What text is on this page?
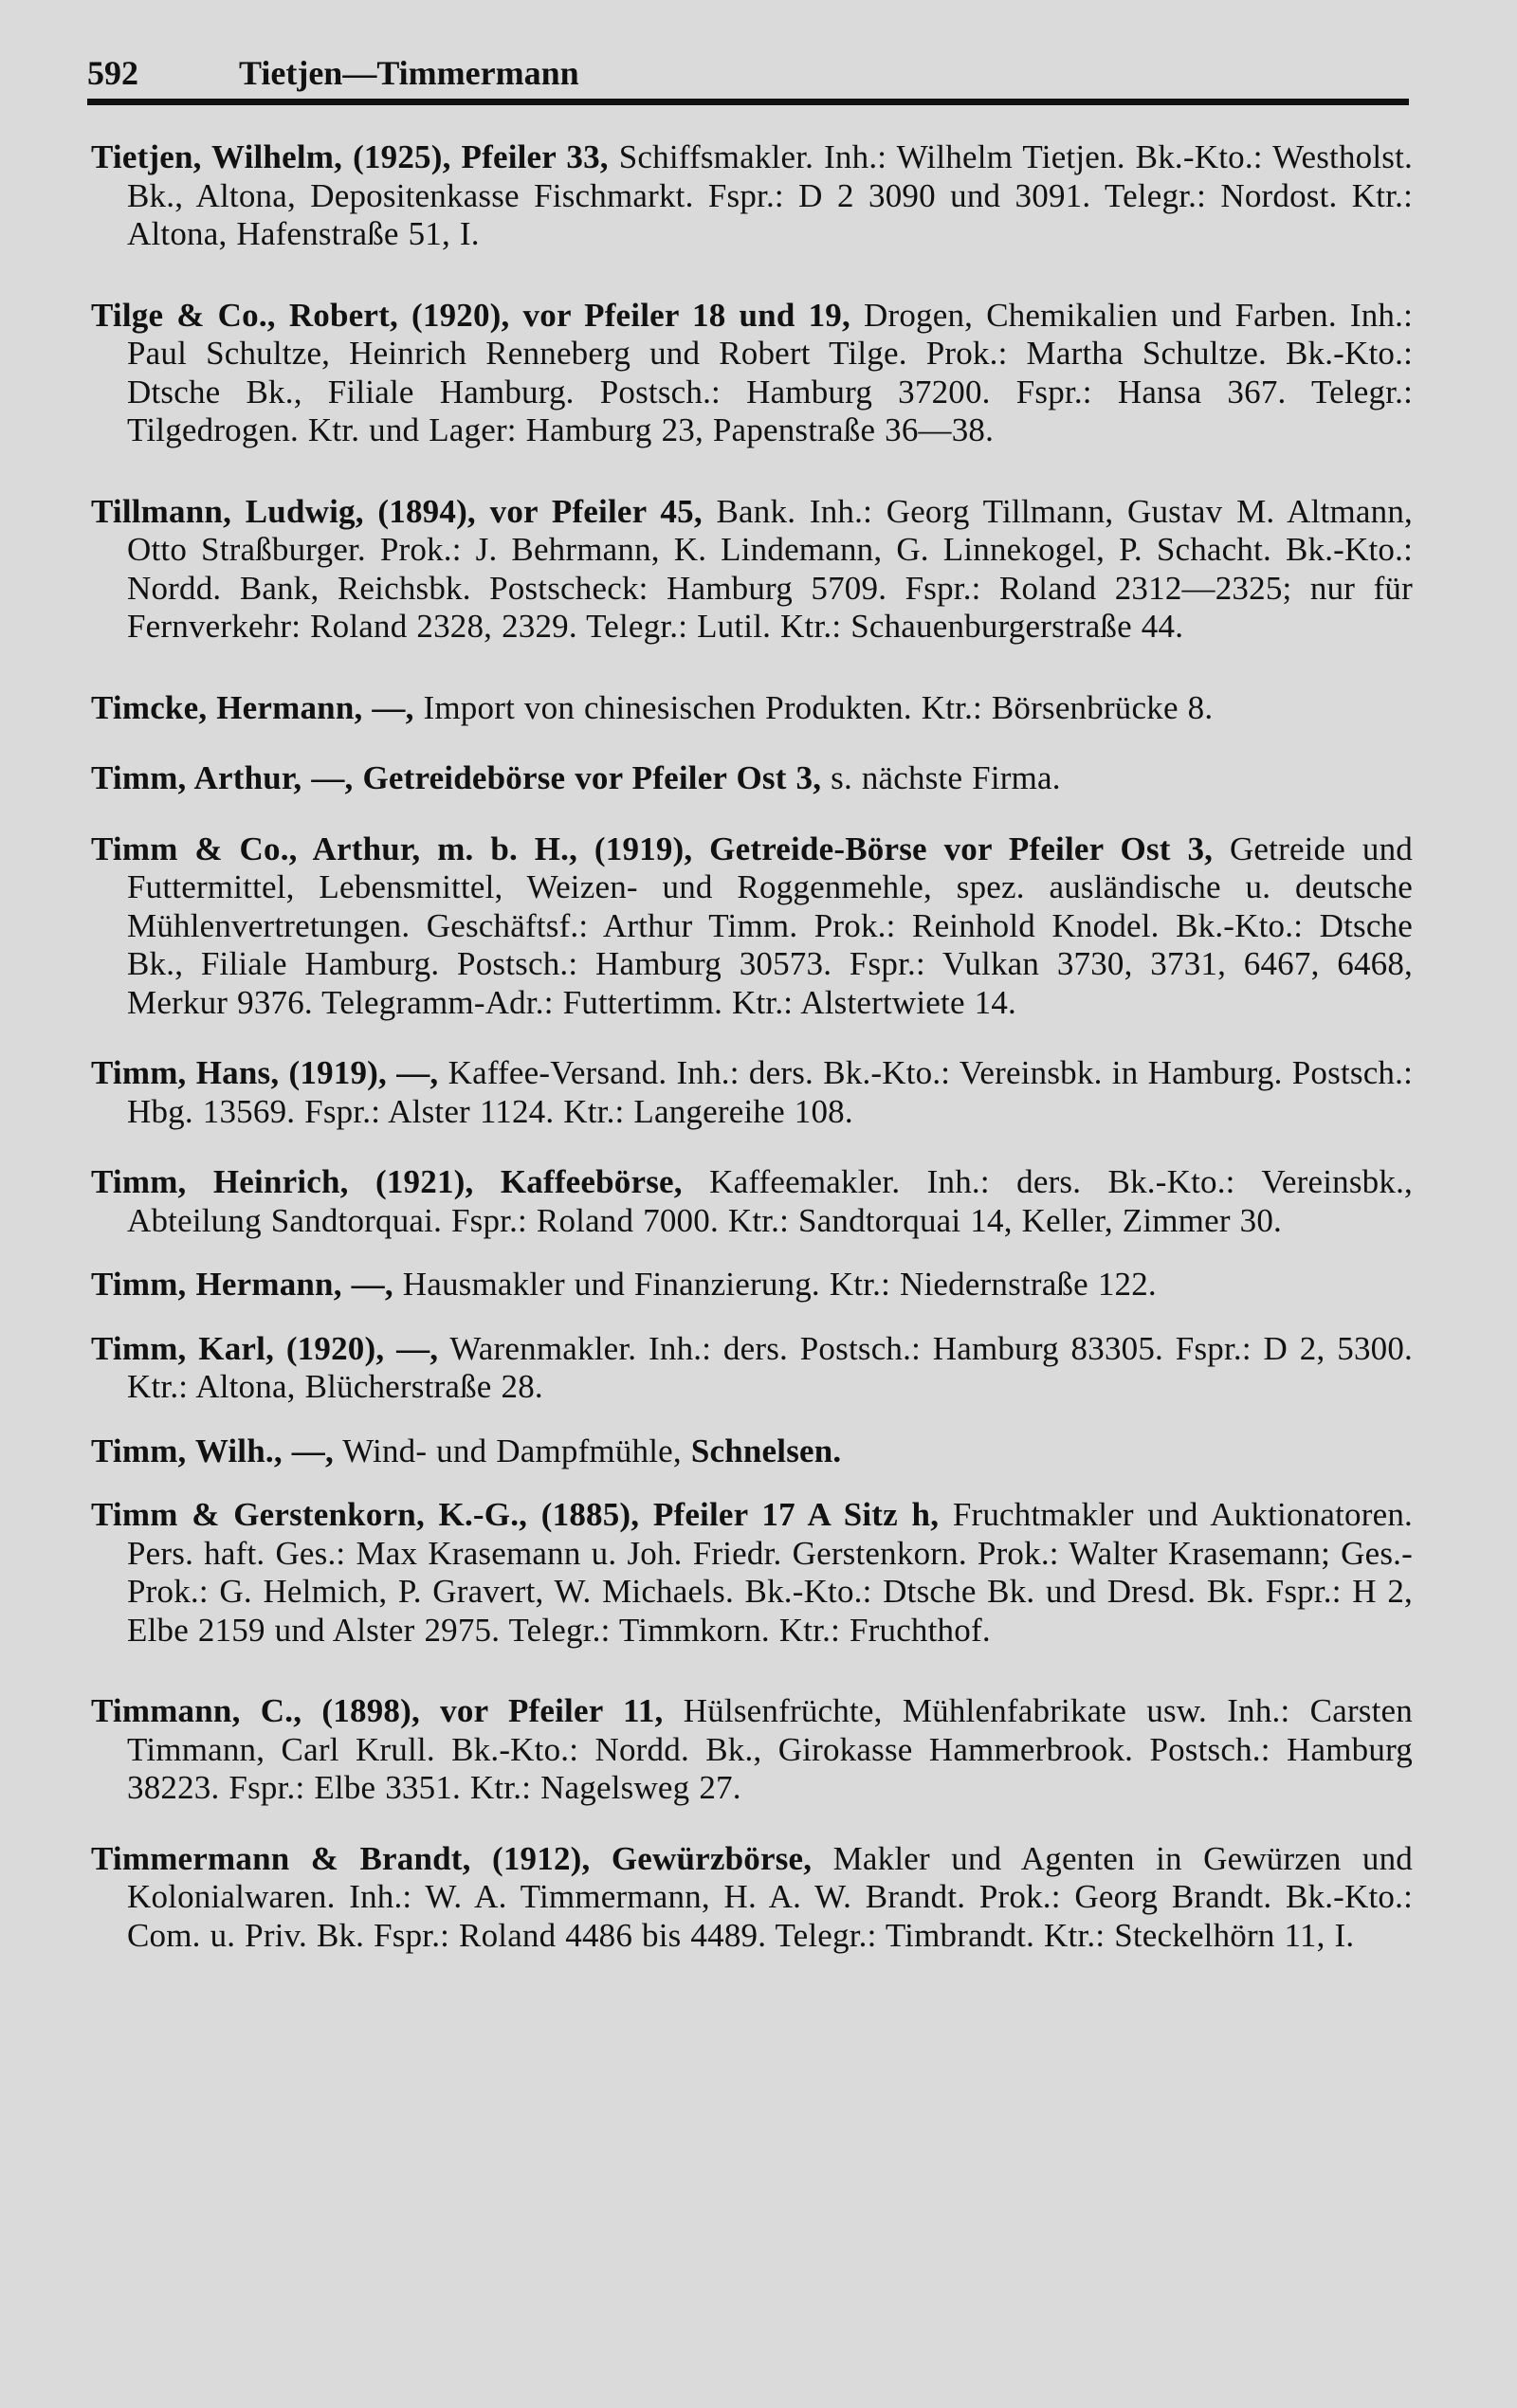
592	Tietjen—Timmermann

Tietjen, Wilhelm, (1925), Pfeiler 33, Schiffsmakler. Inh.: Wilhelm Tietjen. Bk.-Kto.: Westholst. Bk., Altona, Depositenkasse Fischmarkt. Fspr.: D 2 3090 und 3091. Telegr.: Nordost. Ktr.: Altona, Hafenstraße 51, I.

Tilge & Co., Robert, (1920), vor Pfeiler 18 und 19, Drogen, Chemikalien und Farben. Inh.: Paul Schultze, Heinrich Renneberg und Robert Tilge. Prok.: Martha Schultze. Bk.-Kto.: Dtsche Bk., Filiale Hamburg. Postsch.: Hamburg 37200. Fspr.: Hansa 367. Telegr.: Tilgedrogen. Ktr. und Lager: Hamburg 23, Papenstraße 36—38.

Tillmann, Ludwig, (1894), vor Pfeiler 45, Bank. Inh.: Georg Tillmann, Gustav M. Altmann, Otto Straßburger. Prok.: J. Behrmann, K. Lindemann, G. Linnekogel, P. Schacht. Bk.-Kto.: Nordd. Bank, Reichsbk. Postscheck: Hamburg 5709. Fspr.: Roland 2312—2325; nur für Fernverkehr: Roland 2328, 2329. Telegr.: Lutil. Ktr.: Schauenburgerstraße 44.

Timcke, Hermann, —, Import von chinesischen Produkten. Ktr.: Börsenbrücke 8.

Timm, Arthur, —, Getreidebörse vor Pfeiler Ost 3, s. nächste Firma.

Timm & Co., Arthur, m. b. H., (1919), Getreide-Börse vor Pfeiler Ost 3, Getreide und Futtermittel, Lebensmittel, Weizen- und Roggenmehle, spez. ausländische u. deutsche Mühlenvertretungen. Geschäftsf.: Arthur Timm. Prok.: Reinhold Knodel. Bk.-Kto.: Dtsche Bk., Filiale Hamburg. Postsch.: Hamburg 30573. Fspr.: Vulkan 3730, 3731, 6467, 6468, Merkur 9376. Telegramm-Adr.: Futtertimm. Ktr.: Alstertwiete 14.

Timm, Hans, (1919), —, Kaffee-Versand. Inh.: ders. Bk.-Kto.: Vereinsbk. in Hamburg. Postsch.: Hbg. 13569. Fspr.: Alster 1124. Ktr.: Langereihe 108.

Timm, Heinrich, (1921), Kaffeebörse, Kaffeemakler. Inh.: ders. Bk.-Kto.: Vereinsbk., Abteilung Sandtorquai. Fspr.: Roland 7000. Ktr.: Sandtorquai 14, Keller, Zimmer 30.

Timm, Hermann, —, Hausmakler und Finanzierung. Ktr.: Niedernstraße 122.

Timm, Karl, (1920), —, Warenmakler. Inh.: ders. Postsch.: Hamburg 83305. Fspr.: D 2, 5300. Ktr.: Altona, Blücherstraße 28.

Timm, Wilh., —, Wind- und Dampfmühle, Schnelsen.

Timm & Gerstenkorn, K.-G., (1885), Pfeiler 17 A Sitz h, Fruchtmakler und Auktionatoren. Pers. haft. Ges.: Max Krasemann u. Joh. Friedr. Gerstenkorn. Prok.: Walter Krasemann; Ges.-Prok.: G. Helmich, P. Gravert, W. Michaels. Bk.-Kto.: Dtsche Bk. und Dresd. Bk. Fspr.: H 2, Elbe 2159 und Alster 2975. Telegr.: Timmkorn. Ktr.: Fruchthof.

Timmann, C., (1898), vor Pfeiler 11, Hülsenfrüchte, Mühlenfabrikate usw. Inh.: Carsten Timmann, Carl Krull. Bk.-Kto.: Nordd. Bk., Girokasse Hammerbrook. Postsch.: Hamburg 38223. Fspr.: Elbe 3351. Ktr.: Nagelsweg 27.

Timmermann & Brandt, (1912), Gewürzbörse, Makler und Agenten in Gewürzen und Kolonialwaren. Inh.: W. A. Timmermann, H. A. W. Brandt. Prok.: Georg Brandt. Bk.-Kto.: Com. u. Priv. Bk. Fspr.: Roland 4486 bis 4489. Telegr.: Timbrandt. Ktr.: Steckelhörn 11, I.
